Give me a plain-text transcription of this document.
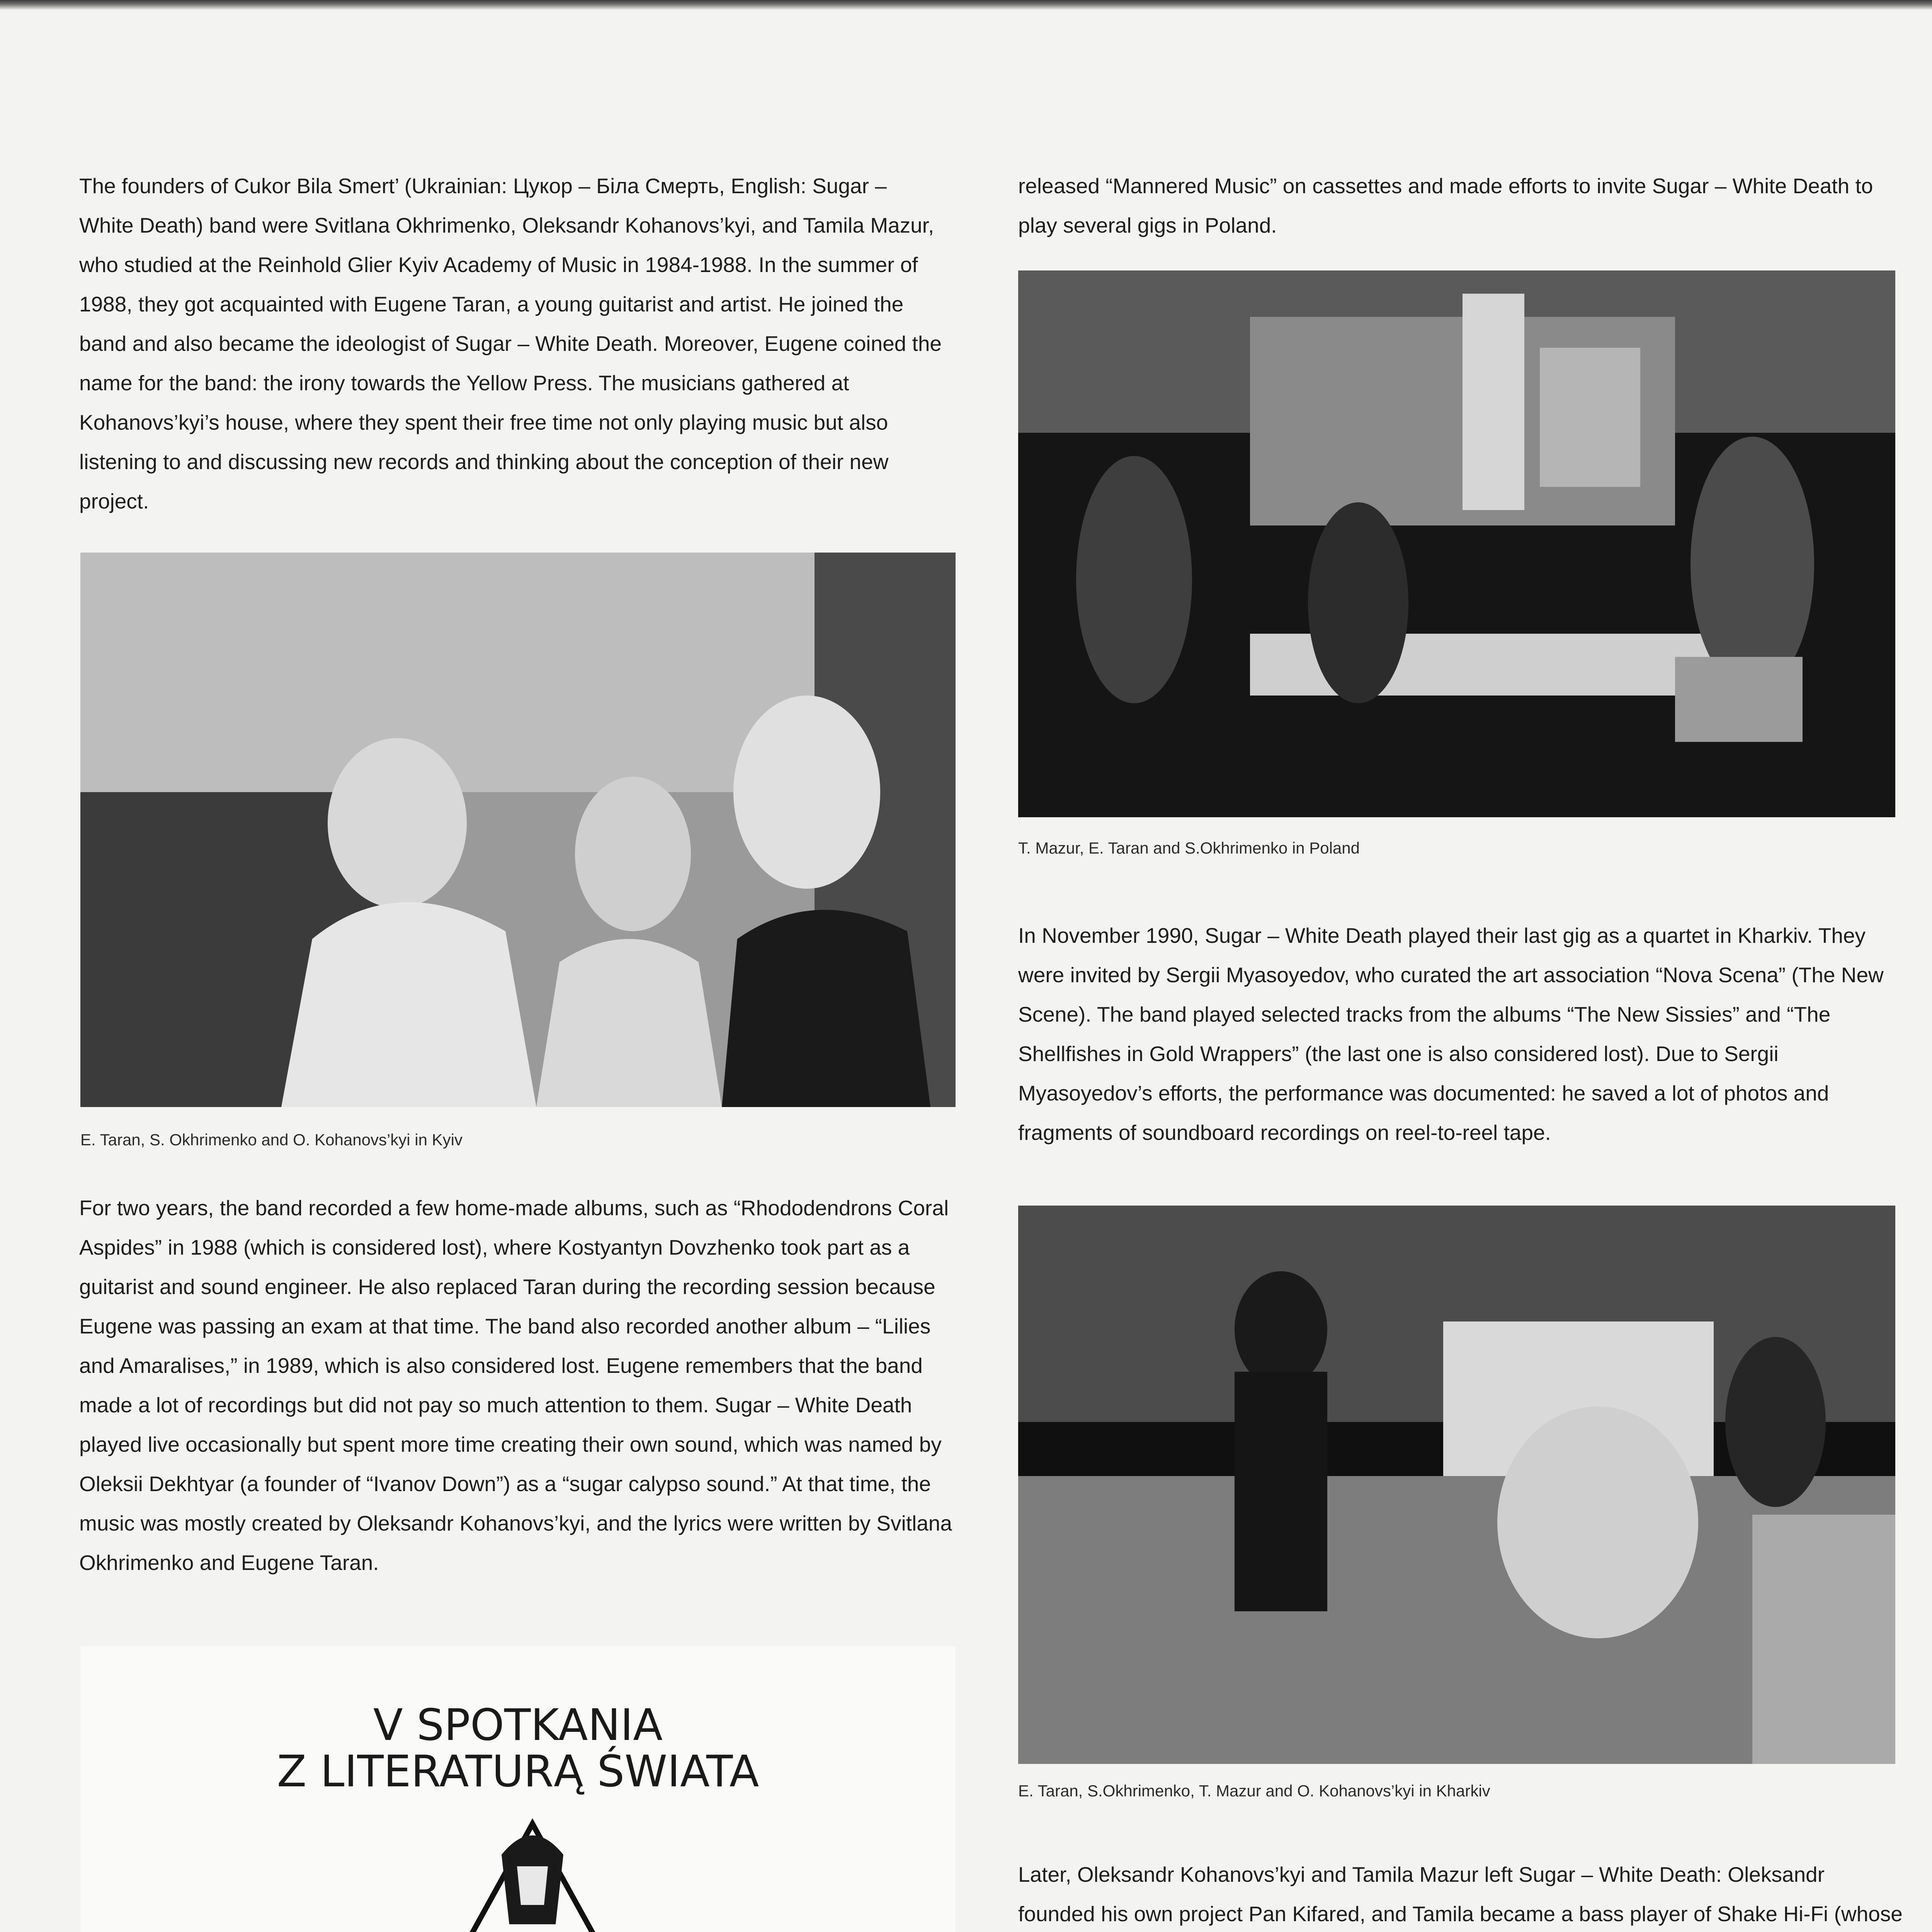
The founders of Cukor Bila Smert’ (Ukrainian: Цукор – Біла Смерть, English: Sugar – White Death) band were Svitlana Okhrimenko, Oleksandr Kohanovs’kyi, and Tamila Mazur, who studied at the Reinhold Glier Kyiv Academy of Music in 1984-1988. In the summer of 1988, they got acquainted with Eugene Taran, a young guitarist and artist. He joined the band and also became the ideologist of Sugar – White Death. Moreover, Eugene coined the name for the band: the irony towards the Yellow Press. The musicians gathered at Kohanovs’kyi’s house, where they spent their free time not only playing music but also listening to and discussing new records and thinking about the conception of their new project.

E. Taran, S. Okhrimenko and O. Kohanovs’kyi in Kyiv

For two years, the band recorded a few home-made albums, such as “Rhododendrons Coral Aspides” in 1988 (which is considered lost), where Kostyantyn Dovzhenko took part as a guitarist and sound engineer. He also replaced Taran during the recording session because Eugene was passing an exam at that time. The band also recorded another album – “Lilies and Amaralises,” in 1989, which is also considered lost. Eugene remembers that the band made a lot of recordings but did not pay so much attention to them. Sugar – White Death played live occasionally but spent more time creating their own sound, which was named by Oleksii Dekhtyar (a founder of “Ivanov Down”) as a “sugar calypso sound.” At that time, the music was mostly created by Oleksandr Kohanovs’kyi, and the lyrics were written by Svitlana Okhrimenko and Eugene Taran.

V SPOTKANIA
Z LITERATURĄ ŚWIATA

released “Mannered Music” on cassettes and made efforts to invite Sugar – White Death to play several gigs in Poland.

T. Mazur, E. Taran and S.Okhrimenko in Poland

In November 1990, Sugar – White Death played their last gig as a quartet in Kharkiv. They were invited by Sergii Myasoyedov, who curated the art association “Nova Scena” (The New Scene). The band played selected tracks from the albums “The New Sissies” and “The Shellfishes in Gold Wrappers” (the last one is also considered lost). Due to Sergii Myasoyedov’s efforts, the performance was documented: he saved a lot of photos and fragments of soundboard recordings on reel-to-reel tape.

E. Taran, S.Okhrimenko, T. Mazur and O. Kohanovs’kyi in Kharkiv

Later, Oleksandr Kohanovs’kyi and Tamila Mazur left Sugar – White Death: Oleksandr founded his own project Pan Kifared, and Tamila became a bass player of Shake Hi-Fi (whose
